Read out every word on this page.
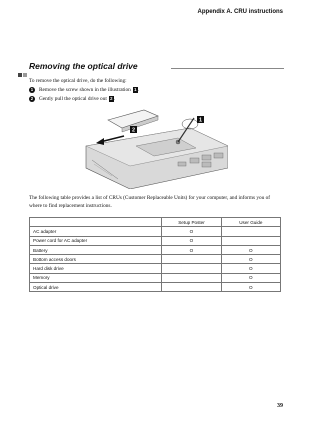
Appendix A. CRU instructions
Removing the optical drive
To remove the optical drive, do the following:
1	Remove the screw shown in the illustration 1 .
2	Gently pull the optical drive out 2 .
2
1
The following table provides a list of CRUs (Customer Replaceable Units) for your computer, and informs you of where to find replacement instructions.
	Setup Poster	User Guide
AC adapter	O	
Power cord for AC adapter	O	
Battery	O	O
Bottom access doors		O
Hard disk drive		O
Memory		O
Optical drive		O
39
